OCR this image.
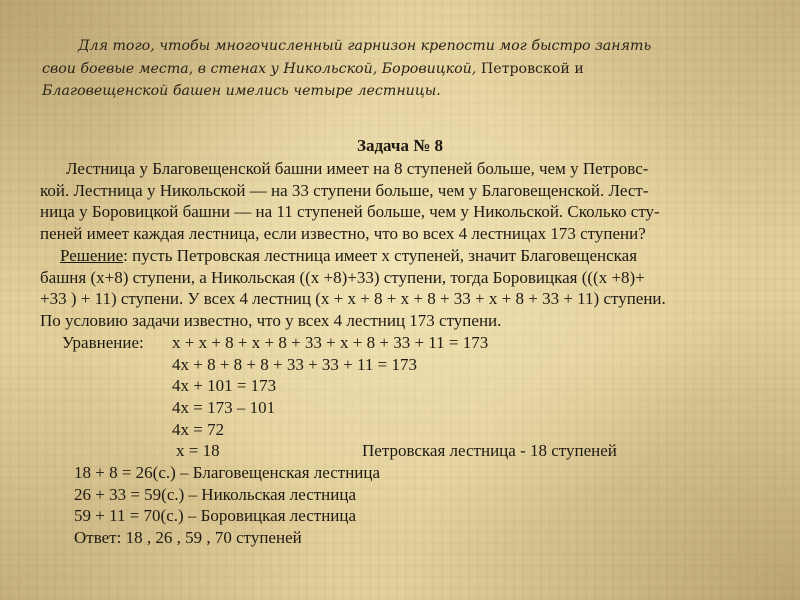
Для того, чтобы многочисленный гарнизон крепости мог быстро занять
свои боевые места, в стенах у Никольской, Боровицкой, Петровской и
Благовещенской башен имелись четыре лестницы.
Задача № 8
Лестница у Благовещенской башни имеет на 8 ступеней больше, чем у Петровс-
кой. Лестница у Никольской — на 33 ступени больше, чем у Благовещенской. Лест-
ница у Боровицкой башни — на 11 ступеней больше, чем у Никольской. Сколько сту-
пеней имеет каждая лестница, если известно, что во всех 4 лестницах 173 ступени?
Решение: пусть Петровская лестница имеет x ступеней, значит Благовещенская
башня (x+8) ступени, а Никольская ((x +8)+33) ступени, тогда Боровицкая (((x +8)+
+33 ) + 11) ступени. У всех 4 лестниц (x + x + 8 + x + 8 + 33 + x + 8 + 33 + 11) ступени.
По условию задачи известно, что у всех 4 лестниц 173 ступени.
Уравнение: x + x + 8 + x + 8 + 33 + x + 8 + 33 + 11 = 173
4x + 8 + 8 + 8 + 33 + 33 + 11 = 173
4x + 101 = 173
4x = 173 – 101
4x = 72
x = 18	Петровская лестница - 18 ступеней
18 + 8 = 26(с.) – Благовещенская лестница
26 + 33 = 59(с.) – Никольская лестница
59 + 11 = 70(с.) – Боровицкая лестница
Ответ: 18 , 26 , 59 , 70 ступеней
